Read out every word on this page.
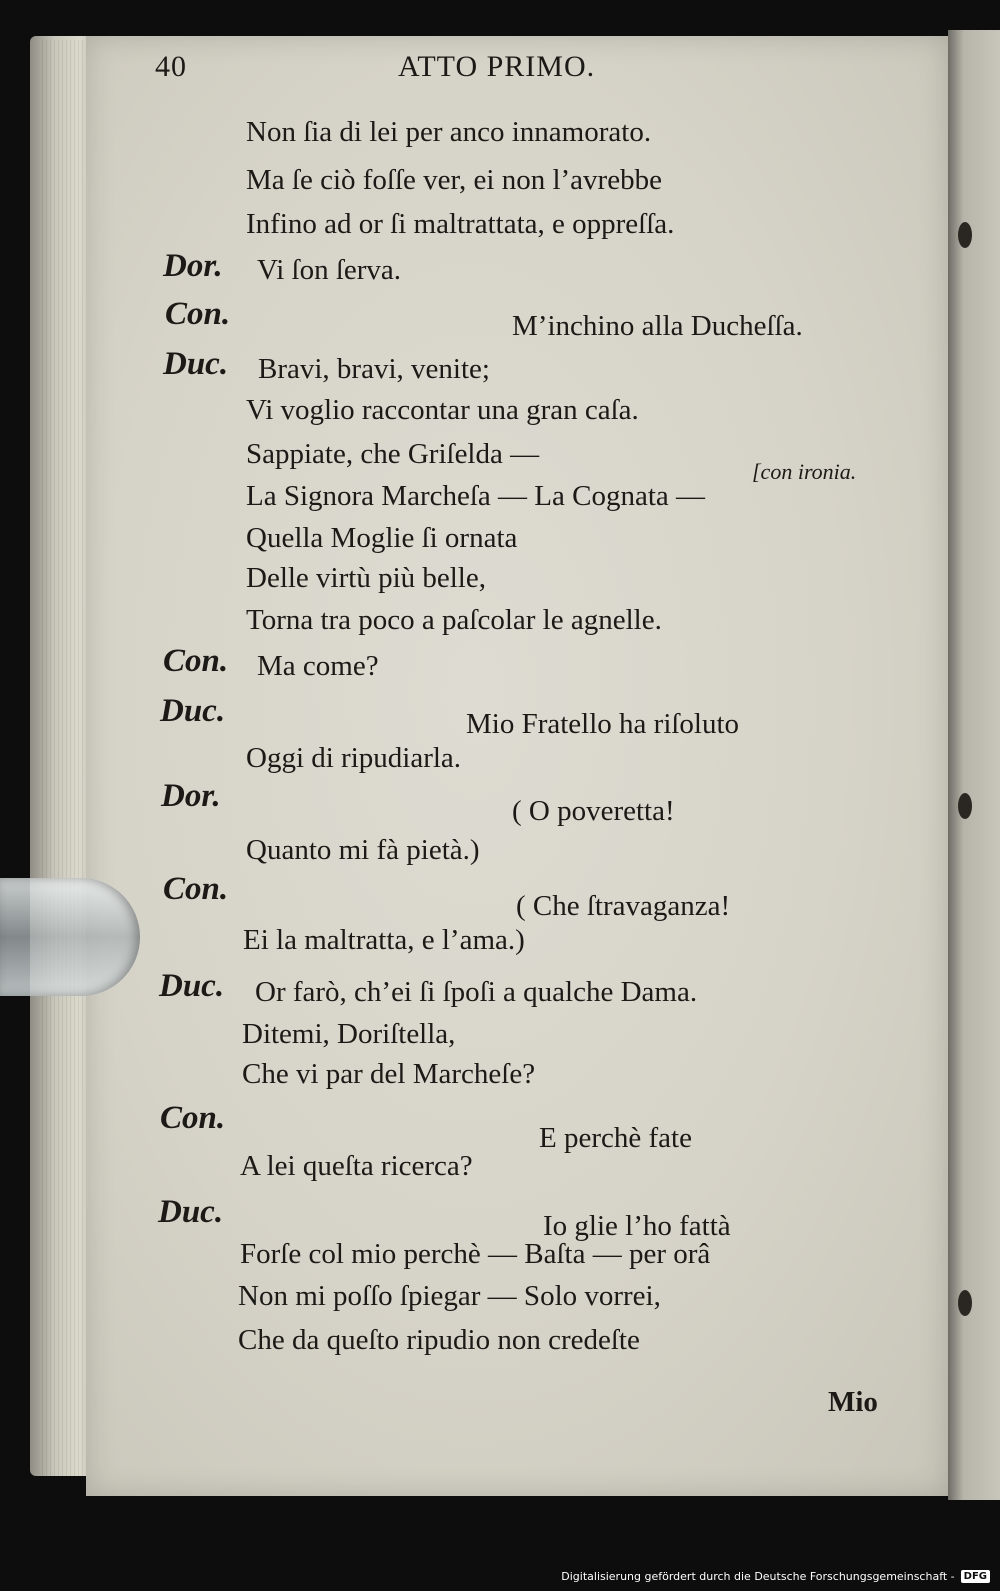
40	ATTO PRIMO.
Non ſia di lei per anco innamorato.
Ma ſe ciò foſſe ver, ei non l’avrebbe
Infino ad or ſi maltrattata, e oppreſſa.
Dor. Vi ſon ſerva.
Con.	M’inchino alla Ducheſſa.
Duc. Bravi, bravi, venite;
Vi voglio raccontar una gran caſa.
Sappiate, che Griſelda —
[con ironia.
La Signora Marcheſa — La Cognata —
Quella Moglie ſi ornata
Delle virtù più belle,
Torna tra poco a paſcolar le agnelle.
Con. Ma come?
Duc.	Mio Fratello ha riſoluto
Oggi di ripudiarla.
Dor.	( O poveretta!
Quanto mi fà pietà.)
Con.	( Che ſtravaganza!
Ei la maltratta, e l’ama.)
Duc. Or farò, ch’ei ſi ſpoſi a qualche Dama.
Ditemi, Doriſtella,
Che vi par del Marcheſe?
Con.
E perchè fate
A lei queſta ricerca?
Duc.	Io glie l’ho fattà
Forſe col mio perchè — Baſta — per orâ
Non mi poſſo ſpiegar — Solo vorrei,
Che da queſto ripudio non credeſte
Mio
Digitalisierung gefördert durch die Deutsche Forschungsgemeinschaft - DFG
